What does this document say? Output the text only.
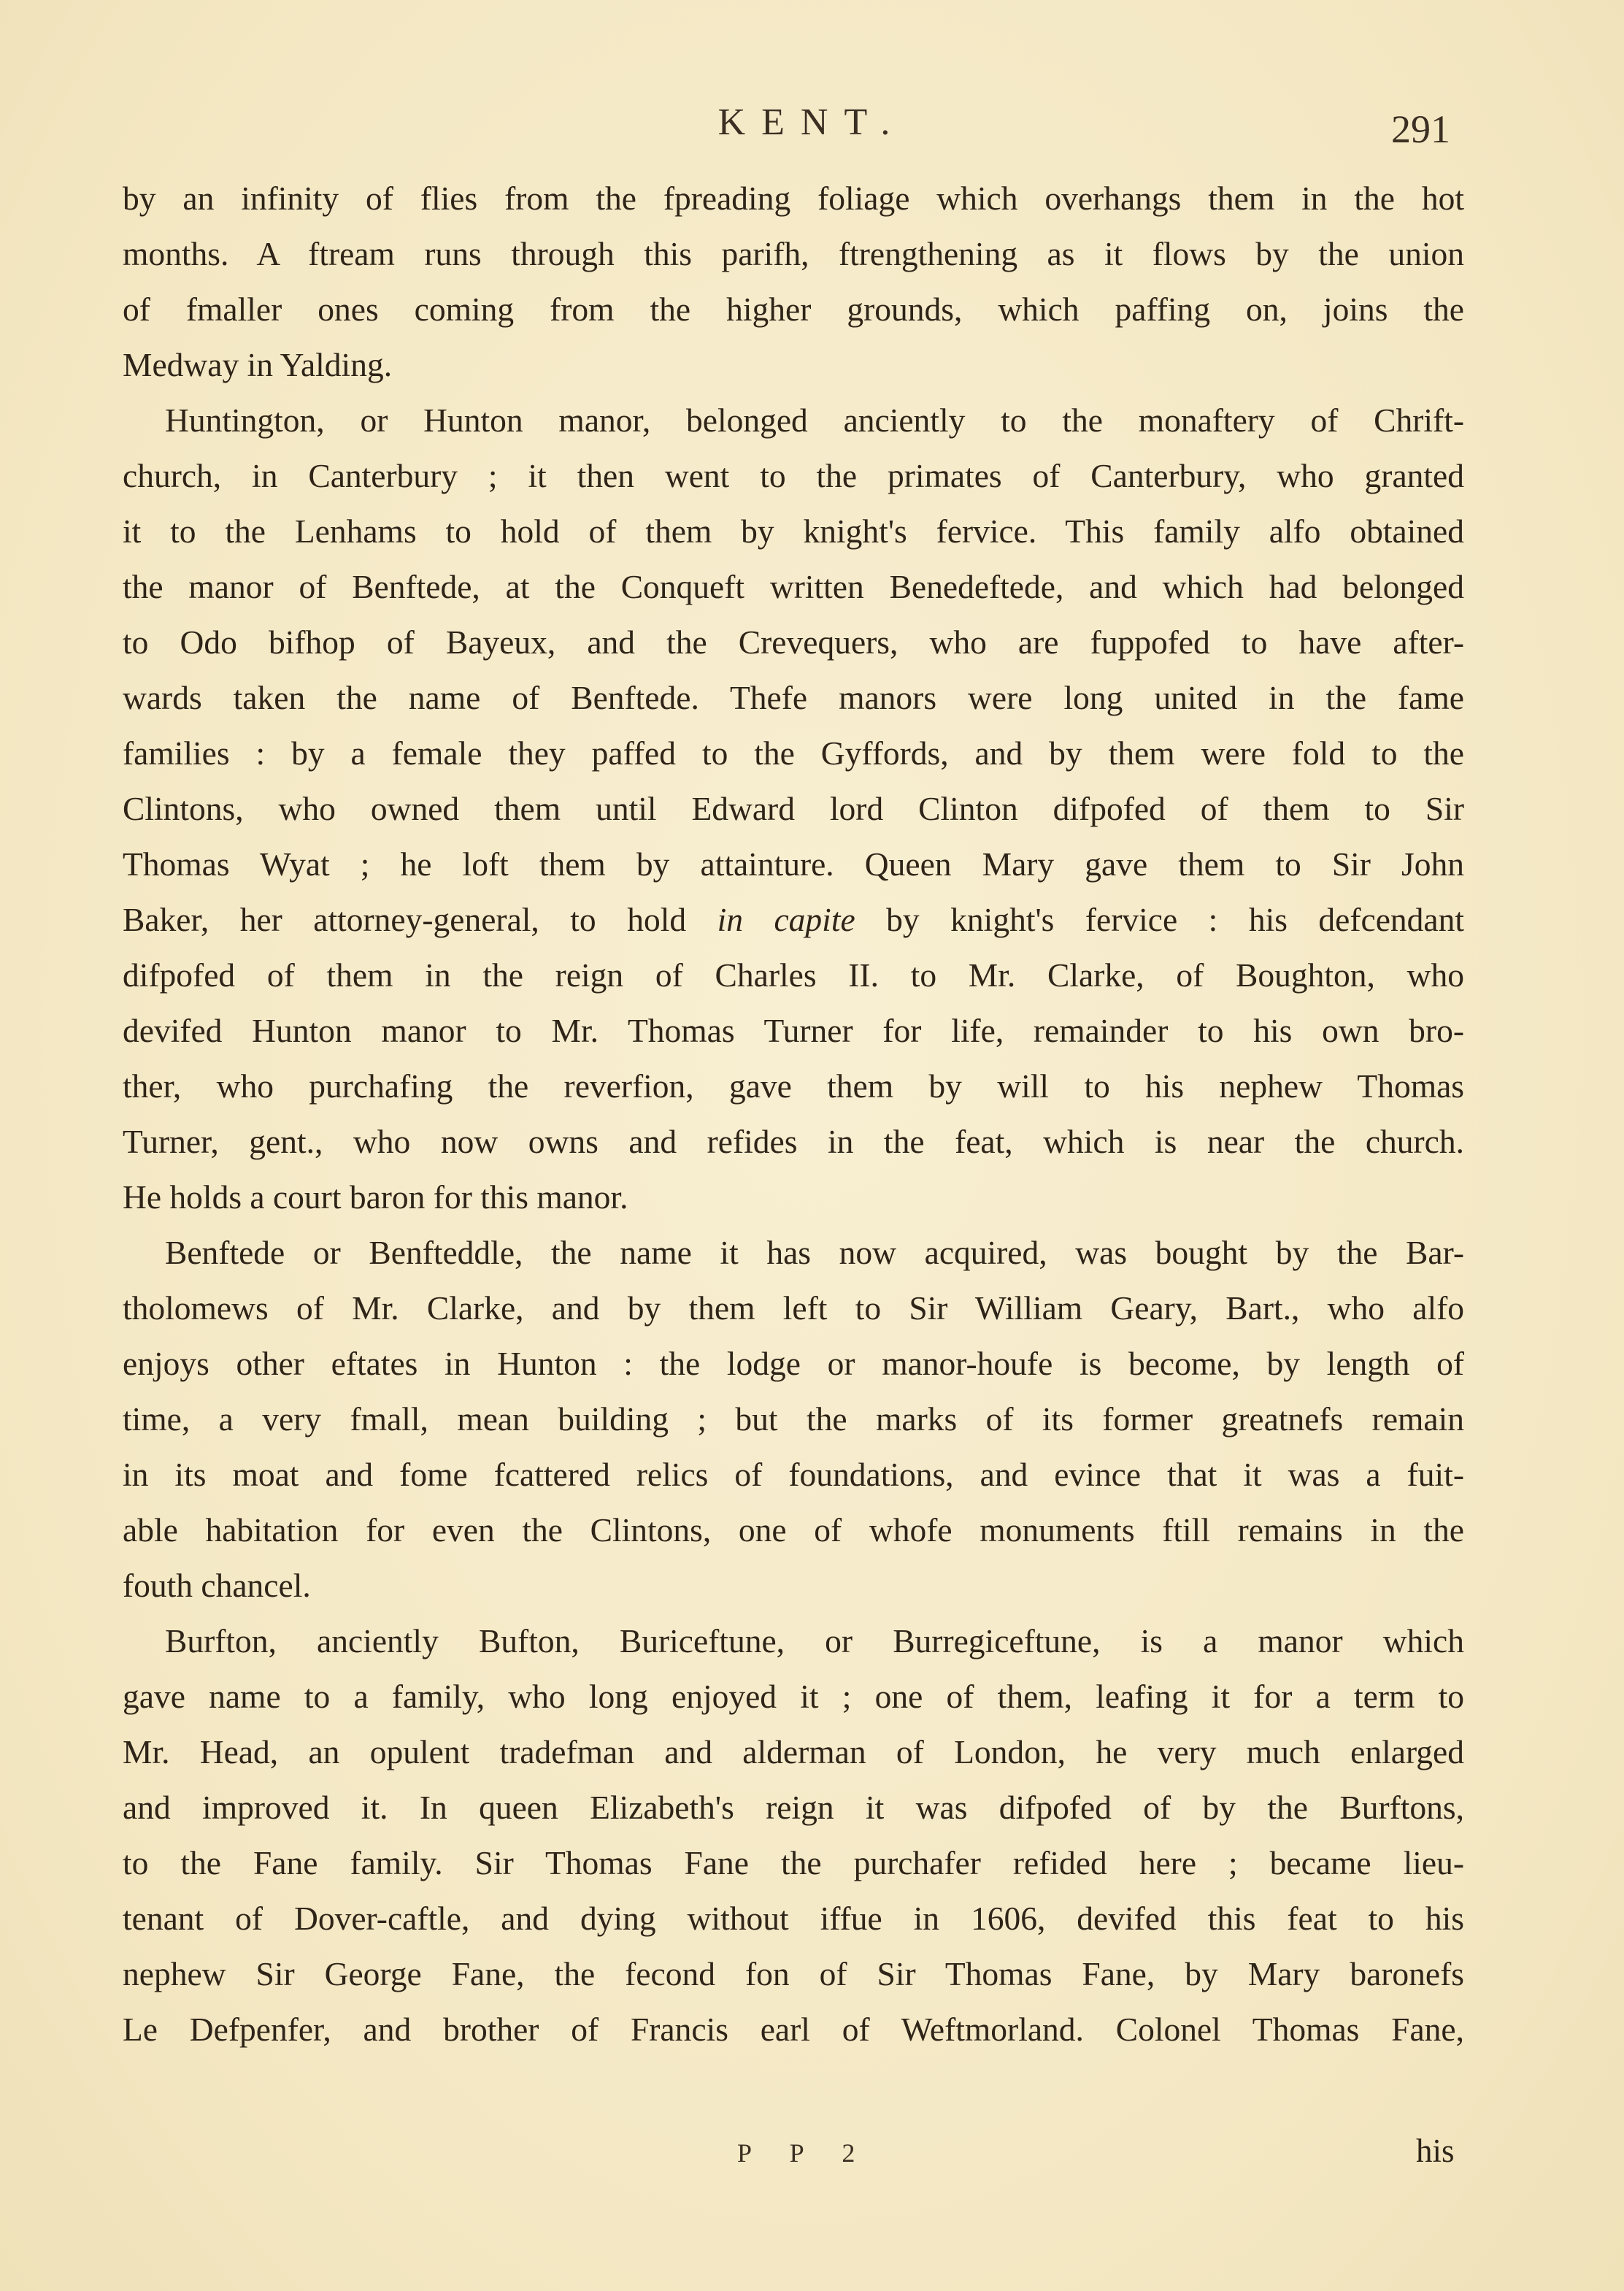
KENT.	291
by an infinity of flies from the fpreading foliage which overhangs them in the hot
months. A ftream runs through this parifh, ftrengthening as it flows by the union
of fmaller ones coming from the higher grounds, which paffing on, joins the
Medway in Yalding.
Huntington, or Hunton manor, belonged anciently to the monaftery of Chrift-
church, in Canterbury ; it then went to the primates of Canterbury, who granted
it to the Lenhams to hold of them by knight's fervice. This family alfo obtained
the manor of Benftede, at the Conqueft written Benedeftede, and which had belonged
to Odo bifhop of Bayeux, and the Crevequers, who are fuppofed to have after-
wards taken the name of Benftede. Thefe manors were long united in the fame
families : by a female they paffed to the Gyffords, and by them were fold to the
Clintons, who owned them until Edward lord Clinton difpofed of them to Sir
Thomas Wyat ; he loft them by attainture. Queen Mary gave them to Sir John
Baker, her attorney-general, to hold in capite by knight's fervice : his defcendant
difpofed of them in the reign of Charles II. to Mr. Clarke, of Boughton, who
devifed Hunton manor to Mr. Thomas Turner for life, remainder to his own bro-
ther, who purchafing the reverfion, gave them by will to his nephew Thomas
Turner, gent., who now owns and refides in the feat, which is near the church.
He holds a court baron for this manor.
Benftede or Benfteddle, the name it has now acquired, was bought by the Bar-
tholomews of Mr. Clarke, and by them left to Sir William Geary, Bart., who alfo
enjoys other eftates in Hunton : the lodge or manor-houfe is become, by length of
time, a very fmall, mean building ; but the marks of its former greatnefs remain
in its moat and fome fcattered relics of foundations, and evince that it was a fuit-
able habitation for even the Clintons, one of whofe monuments ftill remains in the
fouth chancel.
Burfton, anciently Bufton, Buriceftune, or Burregiceftune, is a manor which
gave name to a family, who long enjoyed it ; one of them, leafing it for a term to
Mr. Head, an opulent tradefman and alderman of London, he very much enlarged
and improved it. In queen Elizabeth's reign it was difpofed of by the Burftons,
to the Fane family. Sir Thomas Fane the purchafer refided here ; became lieu-
tenant of Dover-caftle, and dying without iffue in 1606, devifed this feat to his
nephew Sir George Fane, the fecond fon of Sir Thomas Fane, by Mary baronefs
Le Defpenfer, and brother of Francis earl of Weftmorland. Colonel Thomas Fane,
P P 2	his
